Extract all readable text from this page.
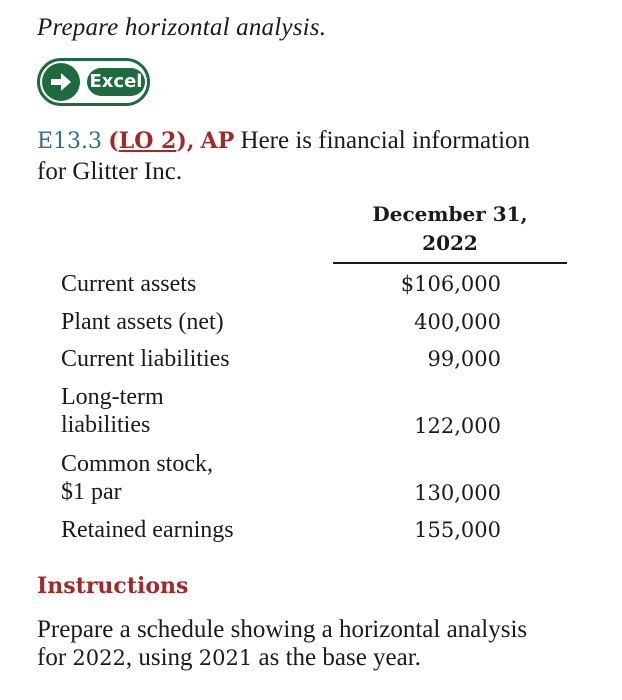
Prepare horizontal analysis.
Excel
E13.3 (LO 2), AP Here is financial information
for Glitter Inc.
December 31,
2022
Current assets	$106,000
Plant assets (net)	400,000
Current liabilities	99,000
Long-term
liabilities	122,000
Common stock,
$1 par	130,000
Retained earnings	155,000
Instructions
Prepare a schedule showing a horizontal analysis
for 2022, using 2021 as the base year.
